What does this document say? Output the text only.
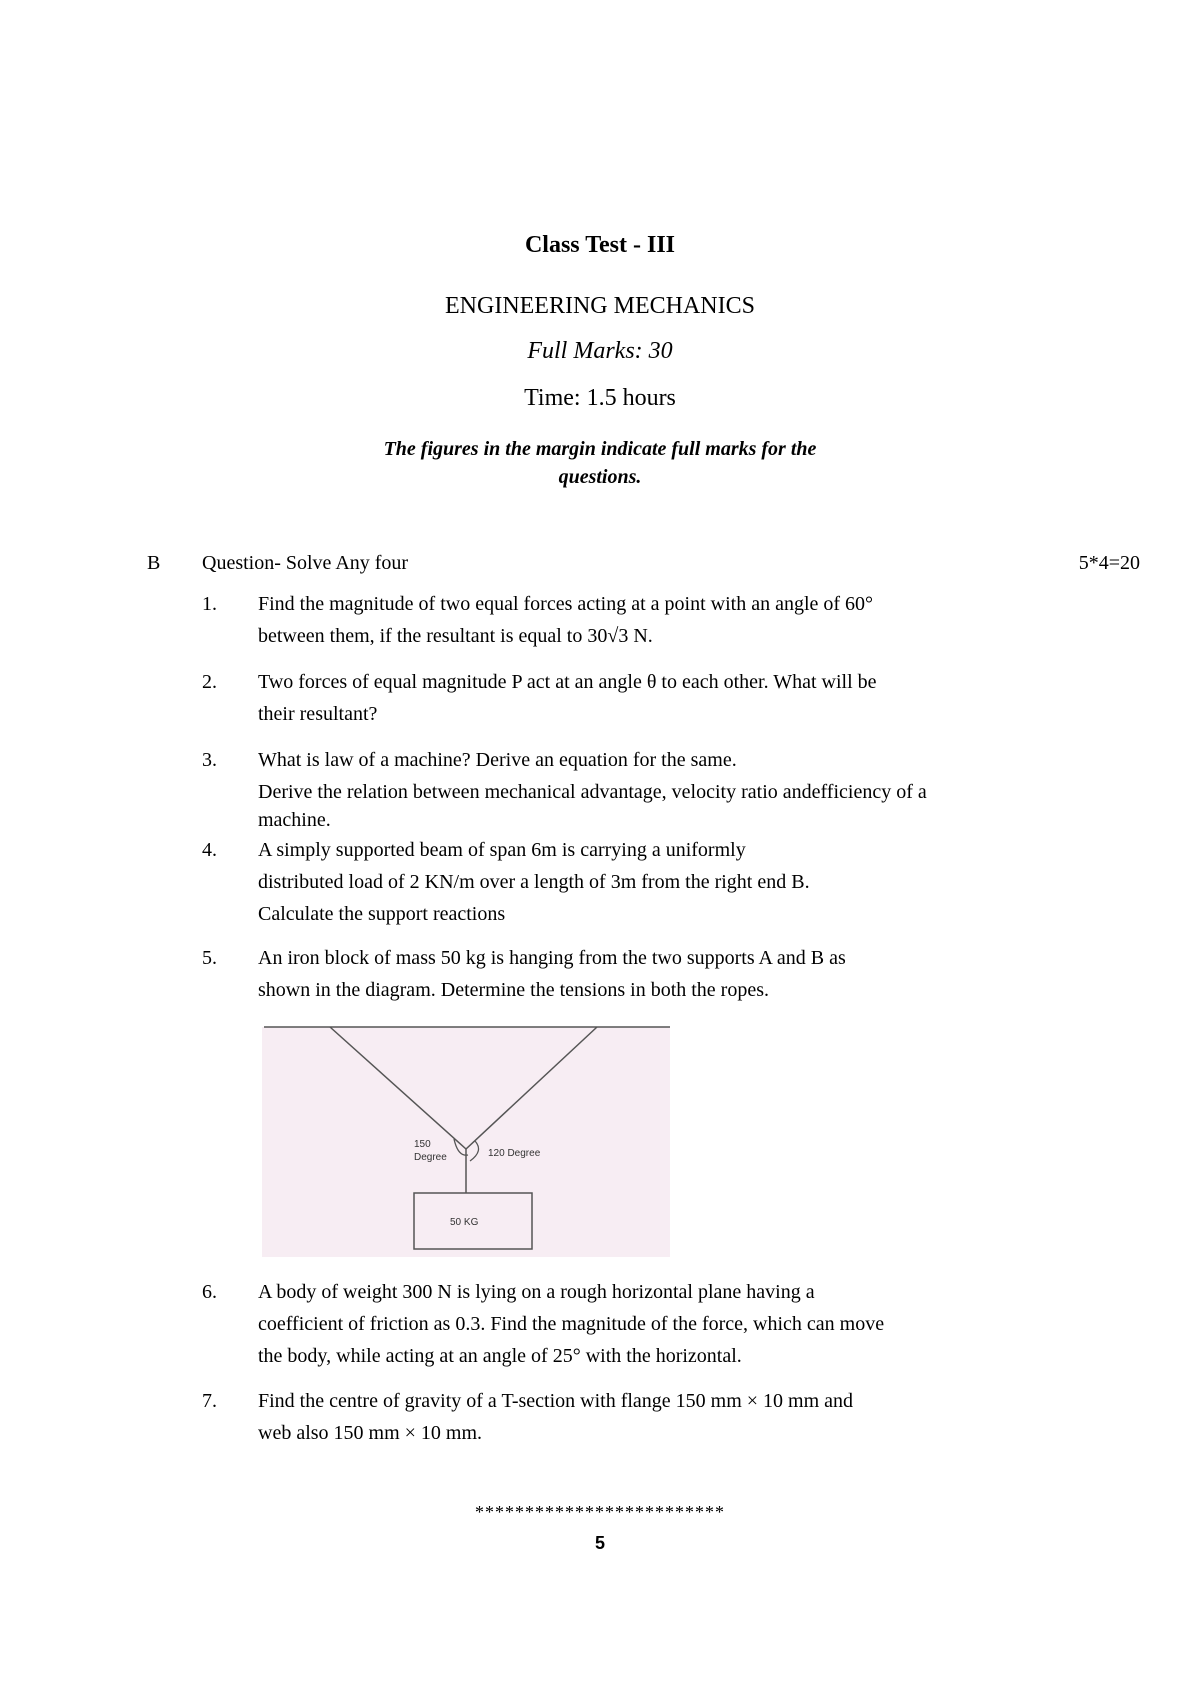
Class Test - III
ENGINEERING MECHANICS
Full Marks: 30
Time: 1.5 hours
The figures in the margin indicate full marks for the
questions.
B Question- Solve Any four	5*4=20
1.	Find the magnitude of two equal forces acting at a point with an angle of 60°
between them, if the resultant is equal to 30√3 N.
2.	Two forces of equal magnitude P act at an angle θ to each other. What will be
their resultant?
3.	What is law of a machine? Derive an equation for the same.
Derive the relation between mechanical advantage, velocity ratio andefficiency of a
machine.
4.	A simply supported beam of span 6m is carrying a uniformly
distributed load of 2 KN/m over a length of 3m from the right end B.
Calculate the support reactions
5.	An iron block of mass 50 kg is hanging from the two supports A and B as
shown in the diagram. Determine the tensions in both the ropes.
150
Degree	120 Degree
50 KG
6.	A body of weight 300 N is lying on a rough horizontal plane having a
coefficient of friction as 0.3. Find the magnitude of the force, which can move
the body, while acting at an angle of 25° with the horizontal.
7.	Find the centre of gravity of a T-section with flange 150 mm × 10 mm and
web also 150 mm × 10 mm.
*************************
5
